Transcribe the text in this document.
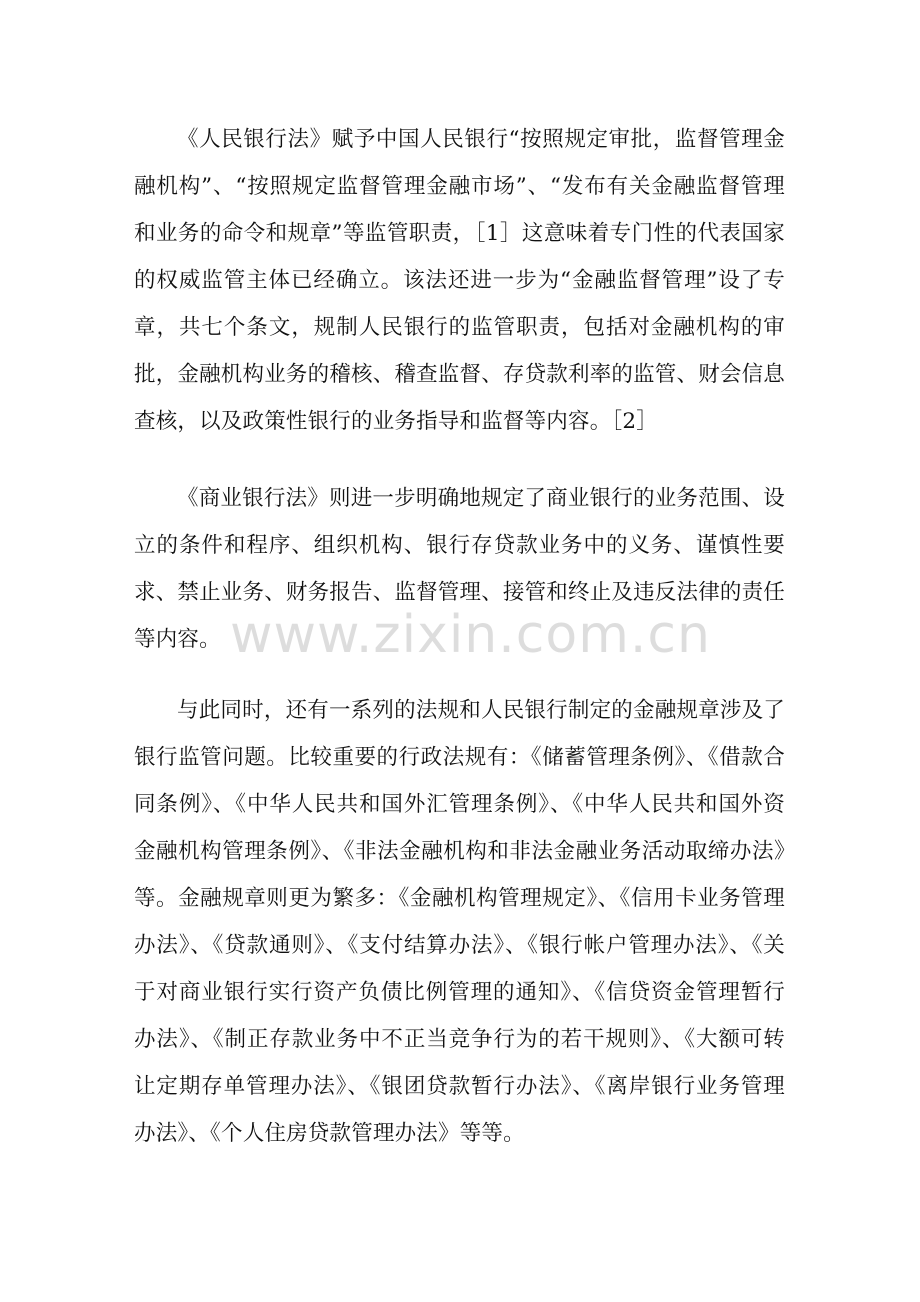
《人民银行法》赋予中国人民银行“按照规定审批，监督管理金融机构”、“按照规定监督管理金融市场”、“发布有关金融监督管理和业务的命令和规章”等监管职责，［1］这意味着专门性的代表国家的权威监管主体已经确立。该法还进一步为“金融监督管理”设了专章，共七个条文，规制人民银行的监管职责，包括对金融机构的审批，金融机构业务的稽核、稽查监督、存贷款利率的监管、财会信息查核，以及政策性银行的业务指导和监督等内容。［2］

《商业银行法》则进一步明确地规定了商业银行的业务范围、设立的条件和程序、组织机构、银行存贷款业务中的义务、谨慎性要求、禁止业务、财务报告、监督管理、接管和终止及违反法律的责任等内容。

与此同时，还有一系列的法规和人民银行制定的金融规章涉及了银行监管问题。比较重要的行政法规有：《储蓄管理条例》、《借款合同条例》、《中华人民共和国外汇管理条例》、《中华人民共和国外资金融机构管理条例》、《非法金融机构和非法金融业务活动取缔办法》等。金融规章则更为繁多：《金融机构管理规定》、《信用卡业务管理办法》、《贷款通则》、《支付结算办法》、《银行帐户管理办法》、《关于对商业银行实行资产负债比例管理的通知》、《信贷资金管理暂行办法》、《制正存款业务中不正当竞争行为的若干规则》、《大额可转让定期存单管理办法》、《银团贷款暂行办法》、《离岸银行业务管理办法》、《个人住房贷款管理办法》等等。

www.zixin.com.cn
